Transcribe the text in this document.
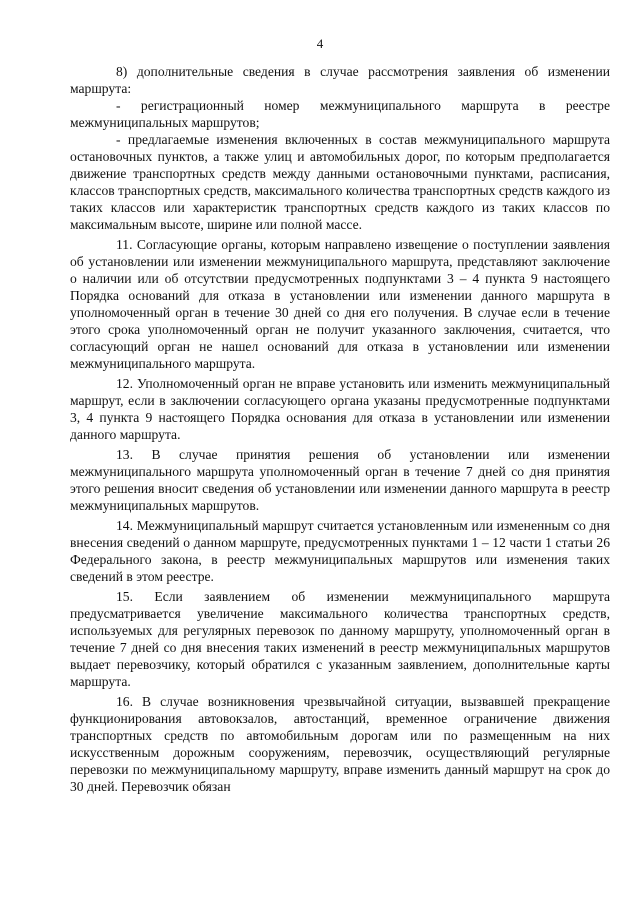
4

8) дополнительные сведения в случае рассмотрения заявления об изменении маршрута:

- регистрационный номер межмуниципального маршрута в реестре межмуниципальных маршрутов;

- предлагаемые изменения включенных в состав межмуниципального маршрута остановочных пунктов, а также улиц и автомобильных дорог, по которым предполагается движение транспортных средств между данными остановочными пунктами, расписания, классов транспортных средств, максимального количества транспортных средств каждого из таких классов или характеристик транспортных средств каждого из таких классов по максимальным высоте, ширине или полной массе.

11. Согласующие органы, которым направлено извещение о поступлении заявления об установлении или изменении межмуниципального маршрута, представляют заключение о наличии или об отсутствии предусмотренных подпунктами 3 – 4 пункта 9 настоящего Порядка оснований для отказа в установлении или изменении данного маршрута в уполномоченный орган в течение 30 дней со дня его получения. В случае если в течение этого срока уполномоченный орган не получит указанного заключения, считается, что согласующий орган не нашел оснований для отказа в установлении или изменении межмуниципального маршрута.

12. Уполномоченный орган не вправе установить или изменить межмуниципальный маршрут, если в заключении согласующего органа указаны предусмотренные подпунктами 3, 4 пункта 9 настоящего Порядка основания для отказа в установлении или изменении данного маршрута.

13. В случае принятия решения об установлении или изменении межмуниципального маршрута уполномоченный орган в течение 7 дней со дня принятия этого решения вносит сведения об установлении или изменении данного маршрута в реестр межмуниципальных маршрутов.

14. Межмуниципальный маршрут считается установленным или измененным со дня внесения сведений о данном маршруте, предусмотренных пунктами 1 – 12 части 1 статьи 26 Федерального закона, в реестр межмуниципальных маршрутов или изменения таких сведений в этом реестре.

15. Если заявлением об изменении межмуниципального маршрута предусматривается увеличение максимального количества транспортных средств, используемых для регулярных перевозок по данному маршруту, уполномоченный орган в течение 7 дней со дня внесения таких изменений в реестр межмуниципальных маршрутов выдает перевозчику, который обратился с указанным заявлением, дополнительные карты маршрута.

16. В случае возникновения чрезвычайной ситуации, вызвавшей прекращение функционирования автовокзалов, автостанций, временное ограничение движения транспортных средств по автомобильным дорогам или по размещенным на них искусственным дорожным сооружениям, перевозчик, осуществляющий регулярные перевозки по межмуниципальному маршруту, вправе изменить данный маршрут на срок до 30 дней. Перевозчик обязан
